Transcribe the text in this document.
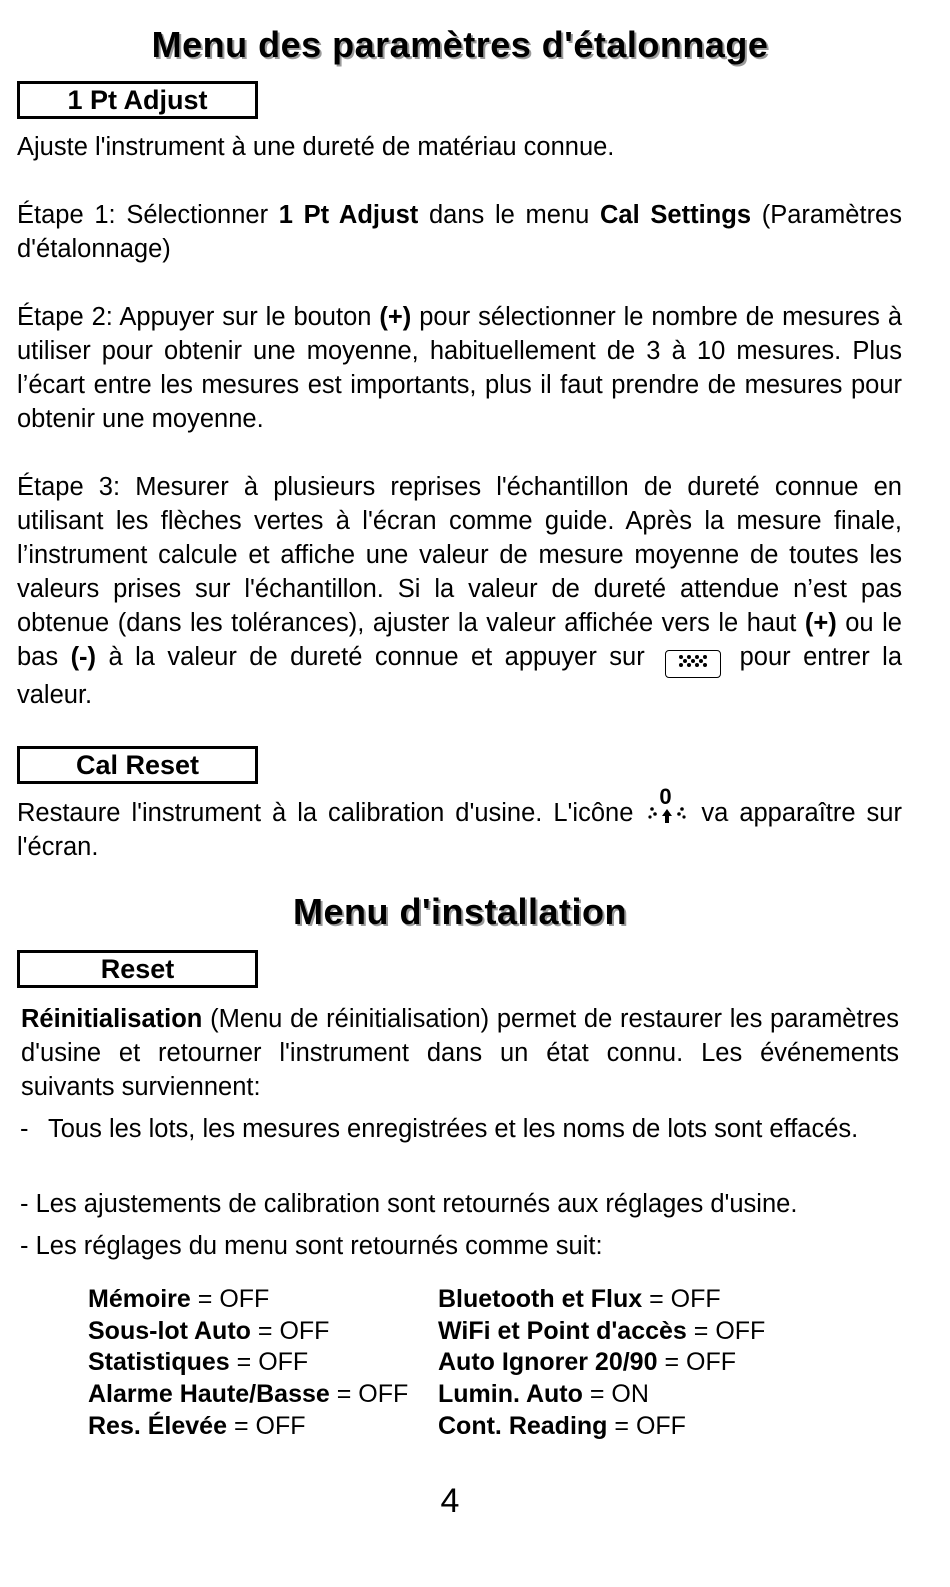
Menu des paramètres d'étalonnage
1 Pt Adjust
Ajuste l'instrument à une dureté de matériau connue.
Étape 1: Sélectionner 1 Pt Adjust dans le menu Cal Settings (Paramètres d'étalonnage)
Étape 2: Appuyer sur le bouton (+) pour sélectionner le nombre de mesures à utiliser pour obtenir une moyenne, habituellement de 3 à 10 mesures. Plus l’écart entre les mesures est importants, plus il faut prendre de mesures pour obtenir une moyenne.
Étape 3: Mesurer à plusieurs reprises l'échantillon de dureté connue en utilisant les flèches vertes à l'écran comme guide. Après la mesure finale, l’instrument calcule et affiche une valeur de mesure moyenne de toutes les valeurs prises sur l'échantillon. Si la valeur de dureté attendue n’est pas obtenue (dans les tolérances), ajuster la valeur affichée vers le haut (+) ou le bas (-) à la valeur de dureté connue et appuyer sur	pour entrer la valeur.
Cal Reset
Restaure l'instrument à la calibration d'usine. L'icône
0
va apparaître sur l'écran.
Menu d'installation
Reset
Réinitialisation (Menu de réinitialisation) permet de restaurer les paramètres d'usine et retourner l'instrument dans un état connu. Les événements suivants surviennent:
- Tous les lots, les mesures enregistrées et les noms de lots sont effacés.
- Les ajustements de calibration sont retournés aux réglages d'usine.
- Les réglages du menu sont retournés comme suit:
Mémoire = OFF
Sous-lot Auto = OFF
Statistiques = OFF
Alarme Haute/Basse = OFF
Res. Élevée = OFF
Bluetooth et Flux = OFF
WiFi et Point d'accès = OFF
Auto Ignorer 20/90 = OFF
Lumin. Auto = ON
Cont. Reading = OFF
4
